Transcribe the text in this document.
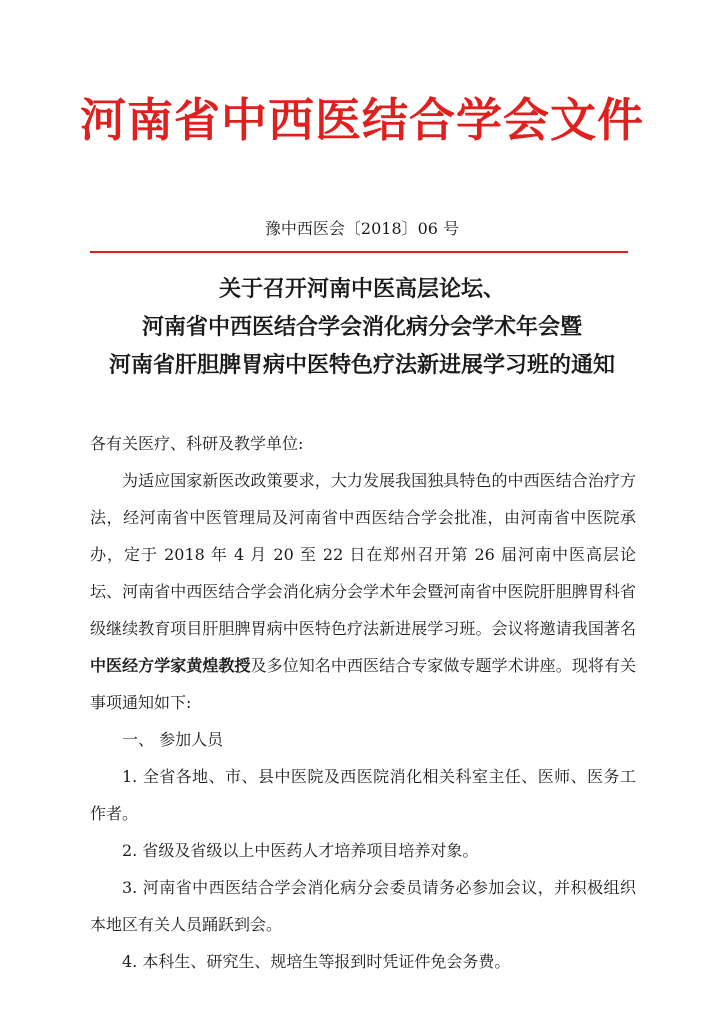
河南省中西医结合学会文件
豫中西医会〔2018〕06 号
关于召开河南中医高层论坛、
河南省中西医结合学会消化病分会学术年会暨
河南省肝胆脾胃病中医特色疗法新进展学习班的通知

各有关医疗、科研及教学单位:

为适应国家新医改政策要求，大力发展我国独具特色的中西医结合治疗方法，经河南省中医管理局及河南省中西医结合学会批准，由河南省中医院承办，定于 2018 年 4 月 20 至 22 日在郑州召开第 26 届河南中医高层论坛、河南省中西医结合学会消化病分会学术年会暨河南省中医院肝胆脾胃科省级继续教育项目肝胆脾胃病中医特色疗法新进展学习班。会议将邀请我国著名中医经方学家黄煌教授及多位知名中西医结合专家做专题学术讲座。现将有关事项通知如下:

一、 参加人员

1. 全省各地、市、县中医院及西医院消化相关科室主任、医师、医务工作者。

2. 省级及省级以上中医药人才培养项目培养对象。

3. 河南省中西医结合学会消化病分会委员请务必参加会议，并积极组织本地区有关人员踊跃到会。

4. 本科生、研究生、规培生等报到时凭证件免会务费。
